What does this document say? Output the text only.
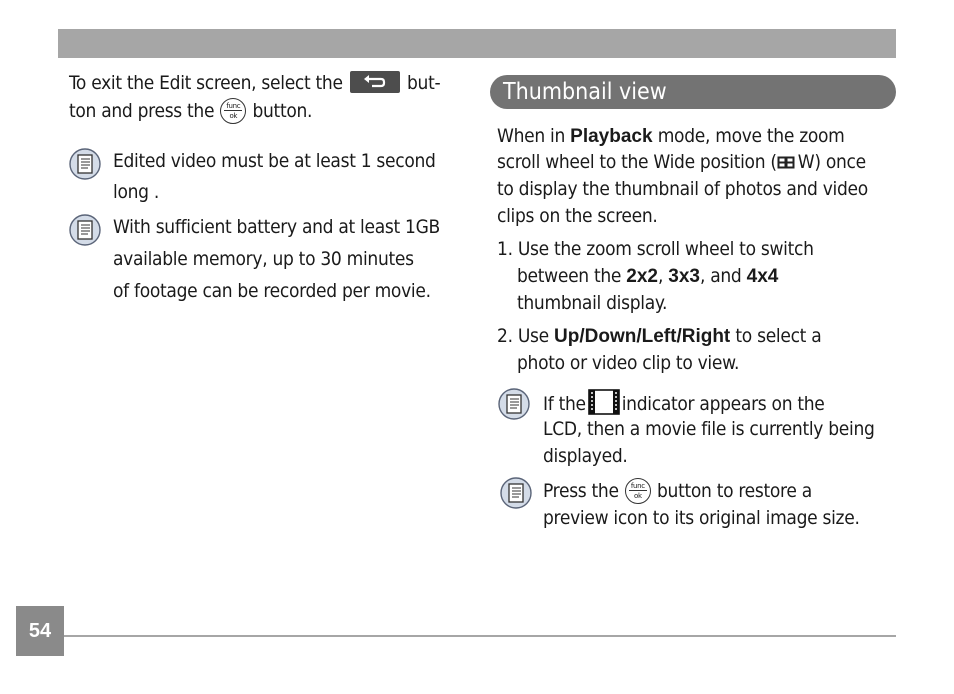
To exit the Edit screen, select the	but-
ton and press the	func
ok button.
Edited video must be at least 1 second
long .
With sufficient battery and at least 1GB
available memory, up to 30 minutes
of footage can be recorded per movie.
Thumbnail view
When in Playback mode, move the zoom
scroll wheel to the Wide position ( W) once
to display the thumbnail of photos and video
clips on the screen.
1. Use the zoom scroll wheel to switch
between the 2x2, 3x3, and 4x4
thumbnail display.
2. Use Up/Down/Left/Right to select a
photo or video clip to view.
If the indicator appears on the
LCD, then a movie file is currently being
displayed.
Press the	func
ok button to restore a
preview icon to its original image size.
54
